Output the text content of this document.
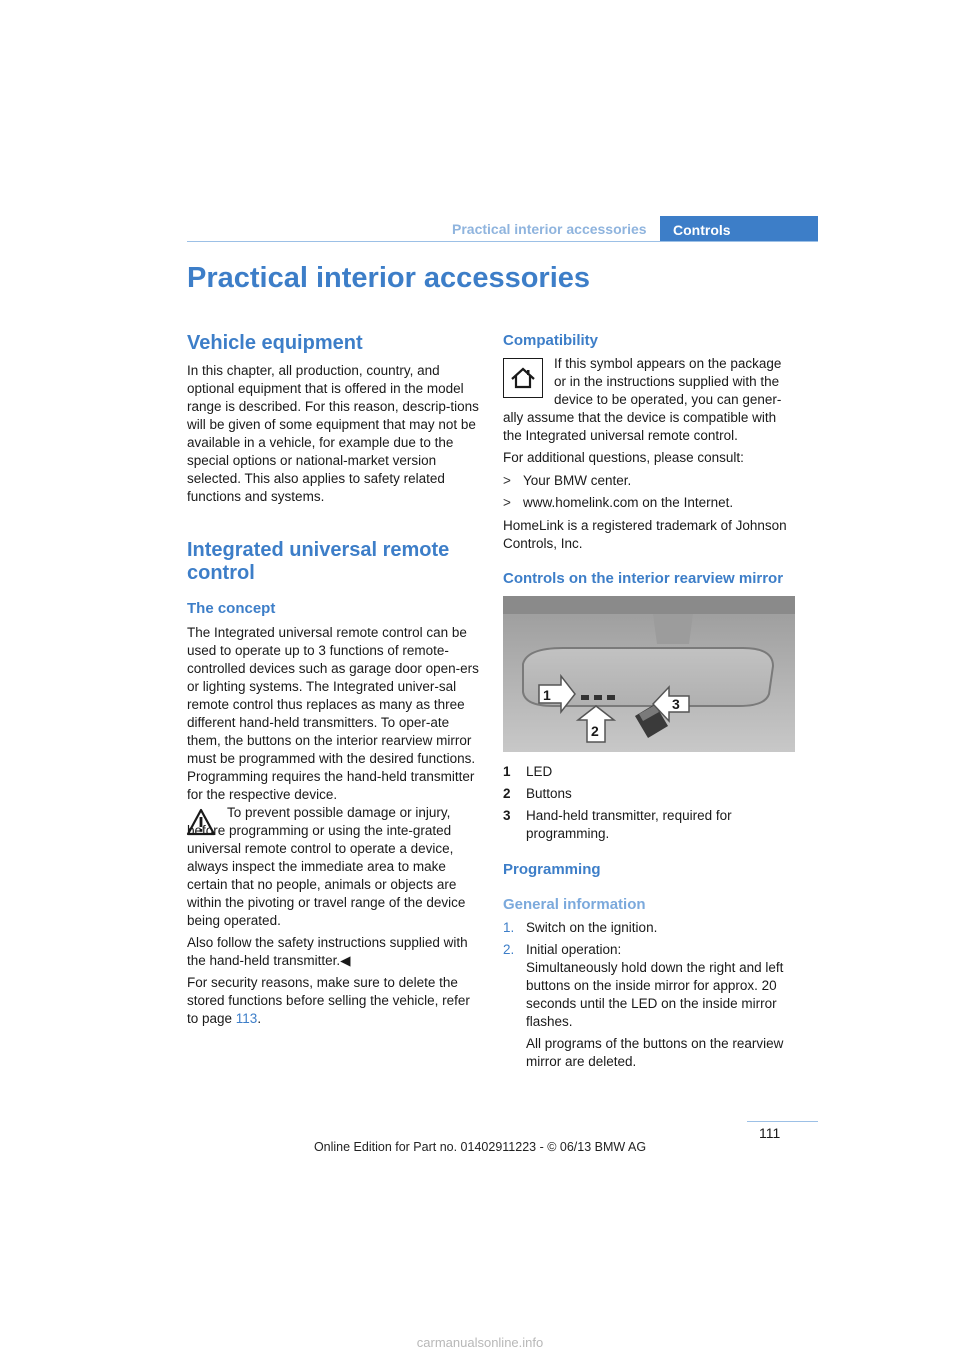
Practical interior accessories	Controls
Practical interior accessories
Vehicle equipment

In this chapter, all production, country, and optional equipment that is offered in the model range is described. For this reason, descrip-tions will be given of some equipment that may not be available in a vehicle, for example due to the special options or national-market version selected. This also applies to safety related functions and systems.

Integrated universal remote
control
The concept

The Integrated universal remote control can be used to operate up to 3 functions of remote-controlled devices such as garage door open-ers or lighting systems. The Integrated univer-sal remote control thus replaces as many as three different hand-held transmitters. To oper-ate them, the buttons on the interior rearview mirror must be programmed with the desired functions. Programming requires the hand-held transmitter for the respective device.

To prevent possible damage or injury, before programming or using the inte-grated universal remote control to operate a device, always inspect the immediate area to make certain that no people, animals or objects are within the pivoting or travel range of the device being operated.

Also follow the safety instructions supplied with the hand-held transmitter.◀

For security reasons, make sure to delete the stored functions before selling the vehicle, refer to page 113.

Compatibility

If this symbol appears on the package or in the instructions supplied with the device to be operated, you can gener-

ally assume that the device is compatible with the Integrated universal remote control.

For additional questions, please consult:

> Your BMW center.
> www.homelink.com on the Internet.

HomeLink is a registered trademark of Johnson Controls, Inc.

Controls on the interior rearview mirror
1
2
3
1 LED
2 Buttons
3	Hand-held transmitter, required for programming.
Programming
General information
1. Switch on the ignition.
2. Initial operation:

Simultaneously hold down the right and left buttons on the inside mirror for approx. 20 seconds until the LED on the inside mirror flashes.

All programs of the buttons on the rearview mirror are deleted.

111
Online Edition for Part no. 01402911223 - © 06/13 BMW AG
carmanualsonline.info
